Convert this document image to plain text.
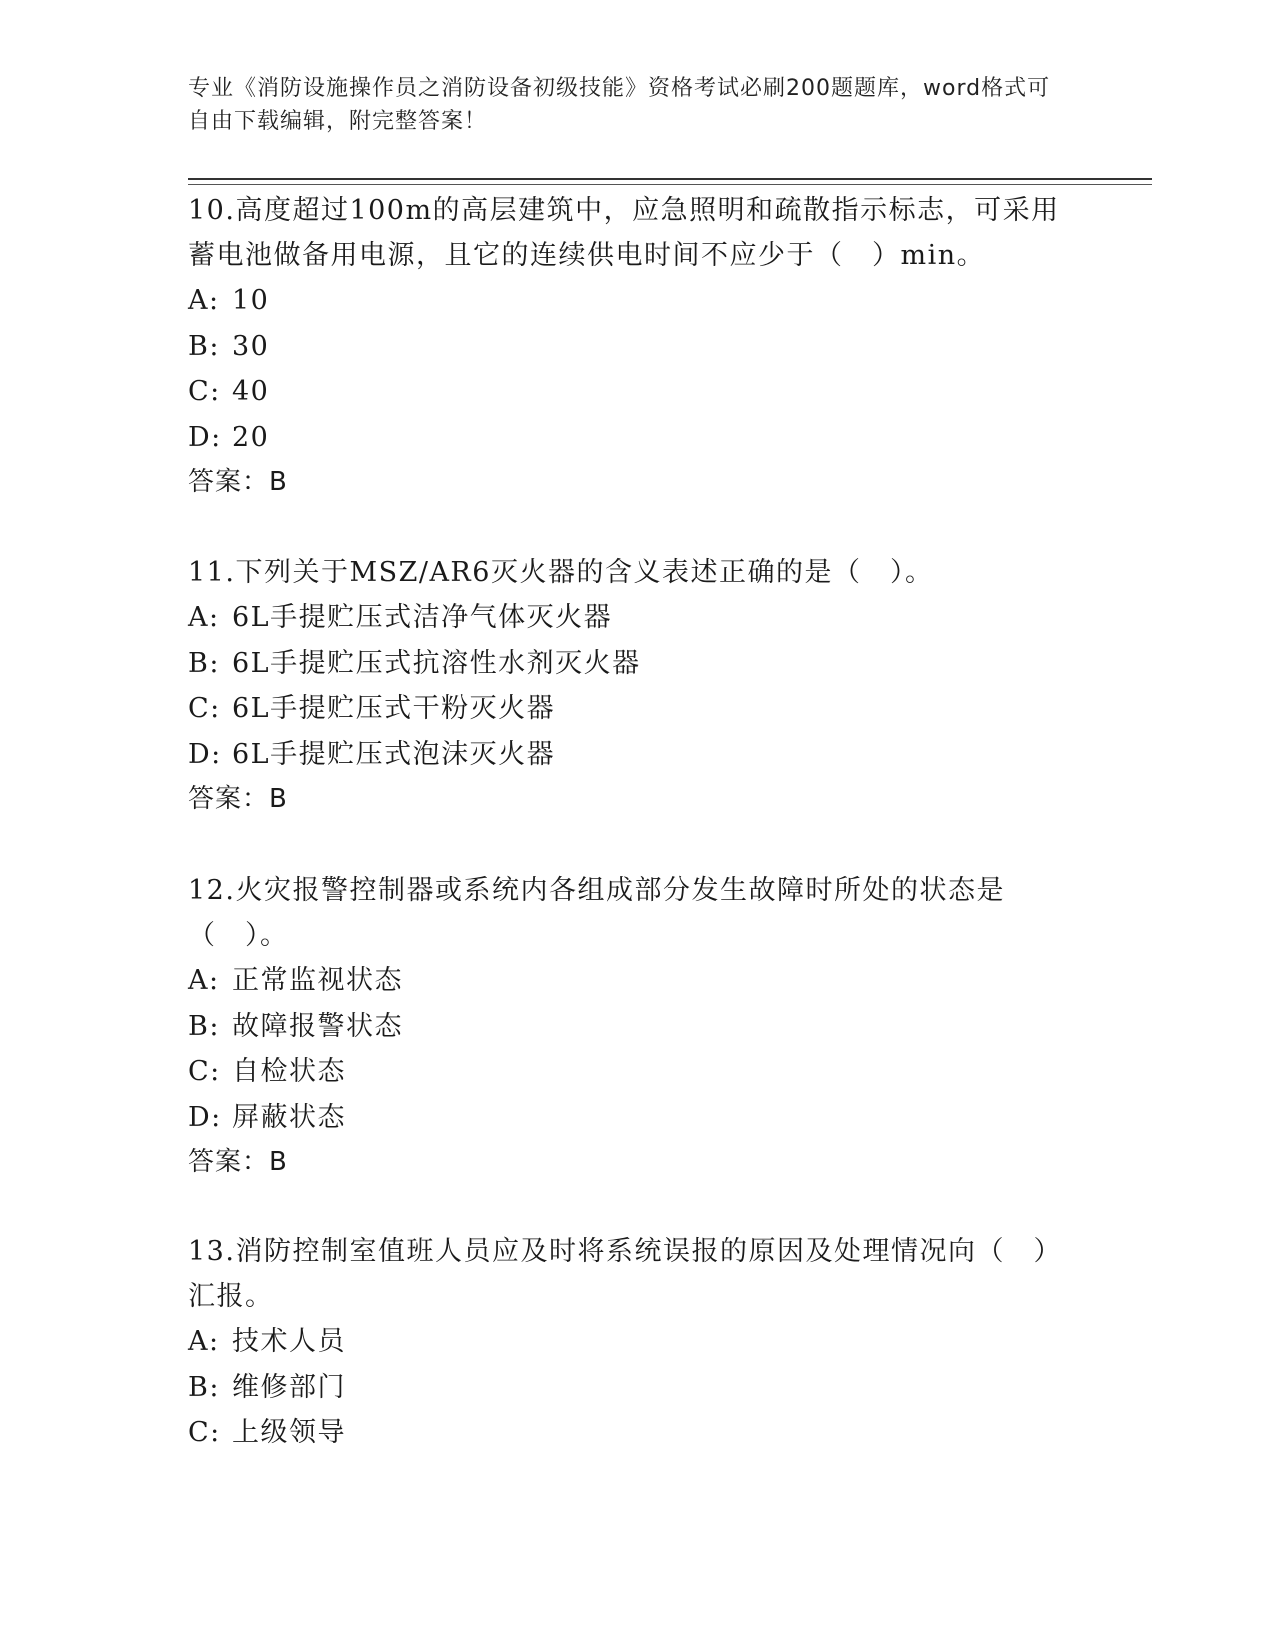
专业《消防设施操作员之消防设备初级技能》资格考试必刷200题题库，word格式可自由下载编辑，附完整答案！

10.高度超过100m的高层建筑中，应急照明和疏散指示标志，可采用蓄电池做备用电源，且它的连续供电时间不应少于（　）min。

A: 10

B: 30

C: 40

D: 20

答案：B

11.下列关于MSZ/AR6灭火器的含义表述正确的是（　）。

A: 6L手提贮压式洁净气体灭火器

B: 6L手提贮压式抗溶性水剂灭火器

C: 6L手提贮压式干粉灭火器

D: 6L手提贮压式泡沫灭火器

答案：B

12.火灾报警控制器或系统内各组成部分发生故障时所处的状态是（　）。

A: 正常监视状态

B: 故障报警状态

C: 自检状态

D: 屏蔽状态

答案：B

13.消防控制室值班人员应及时将系统误报的原因及处理情况向（　）汇报。

A: 技术人员

B: 维修部门

C: 上级领导
